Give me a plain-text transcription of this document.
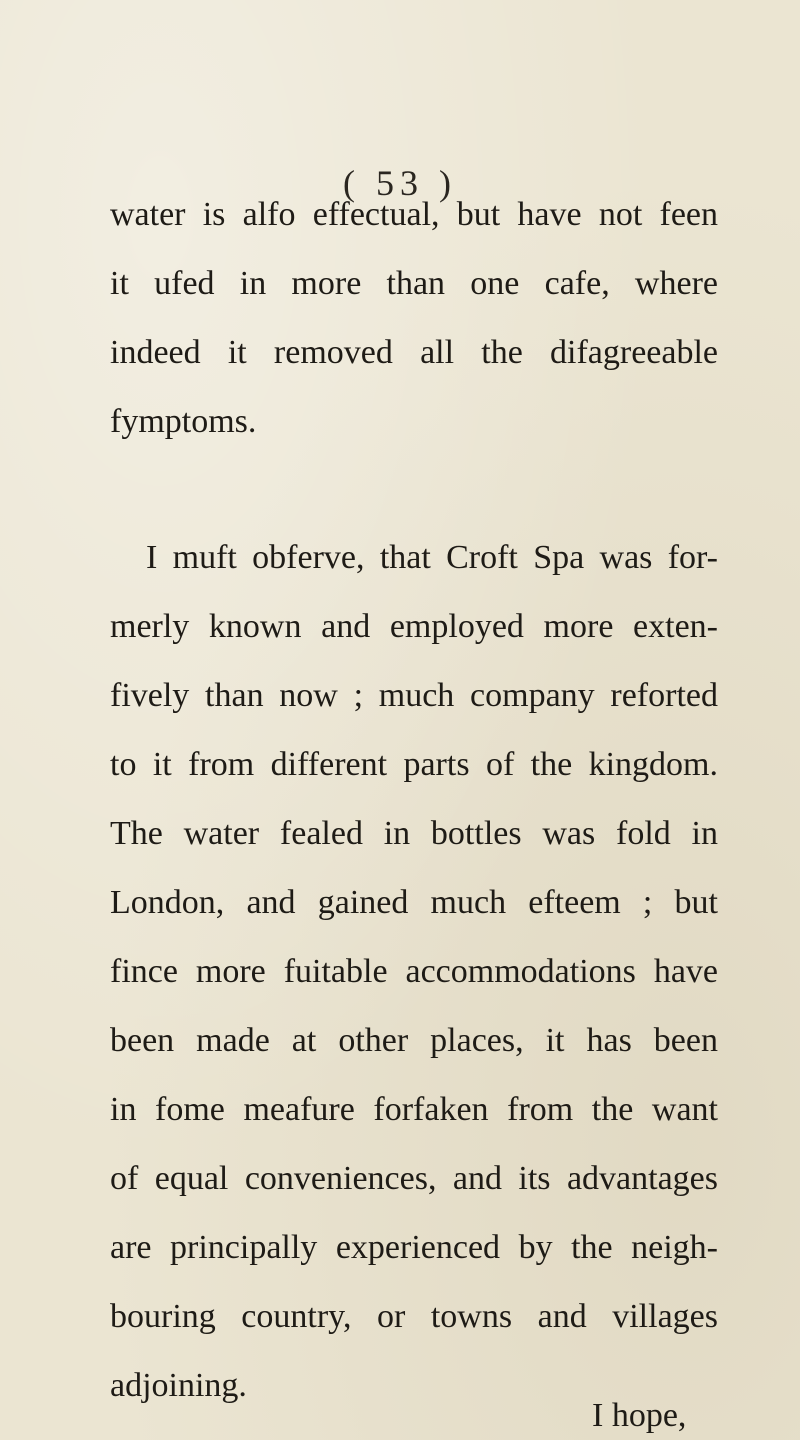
( 53 )

water is alfo effectual, but have not feen

it ufed in more than one cafe, where

indeed it removed all the difagreeable

fymptoms.

I muft obferve, that Croft Spa was for-

merly known and employed more exten-

fively than now ; much company reforted

to it from different parts of the kingdom.

The water fealed in bottles was fold in

London, and gained much efteem ; but

fince more fuitable accommodations have

been made at other places, it has been

in fome meafure forfaken from the want

of equal conveniences, and its advantages

are principally experienced by the neigh-

bouring country, or towns and villages

adjoining.

I hope,
